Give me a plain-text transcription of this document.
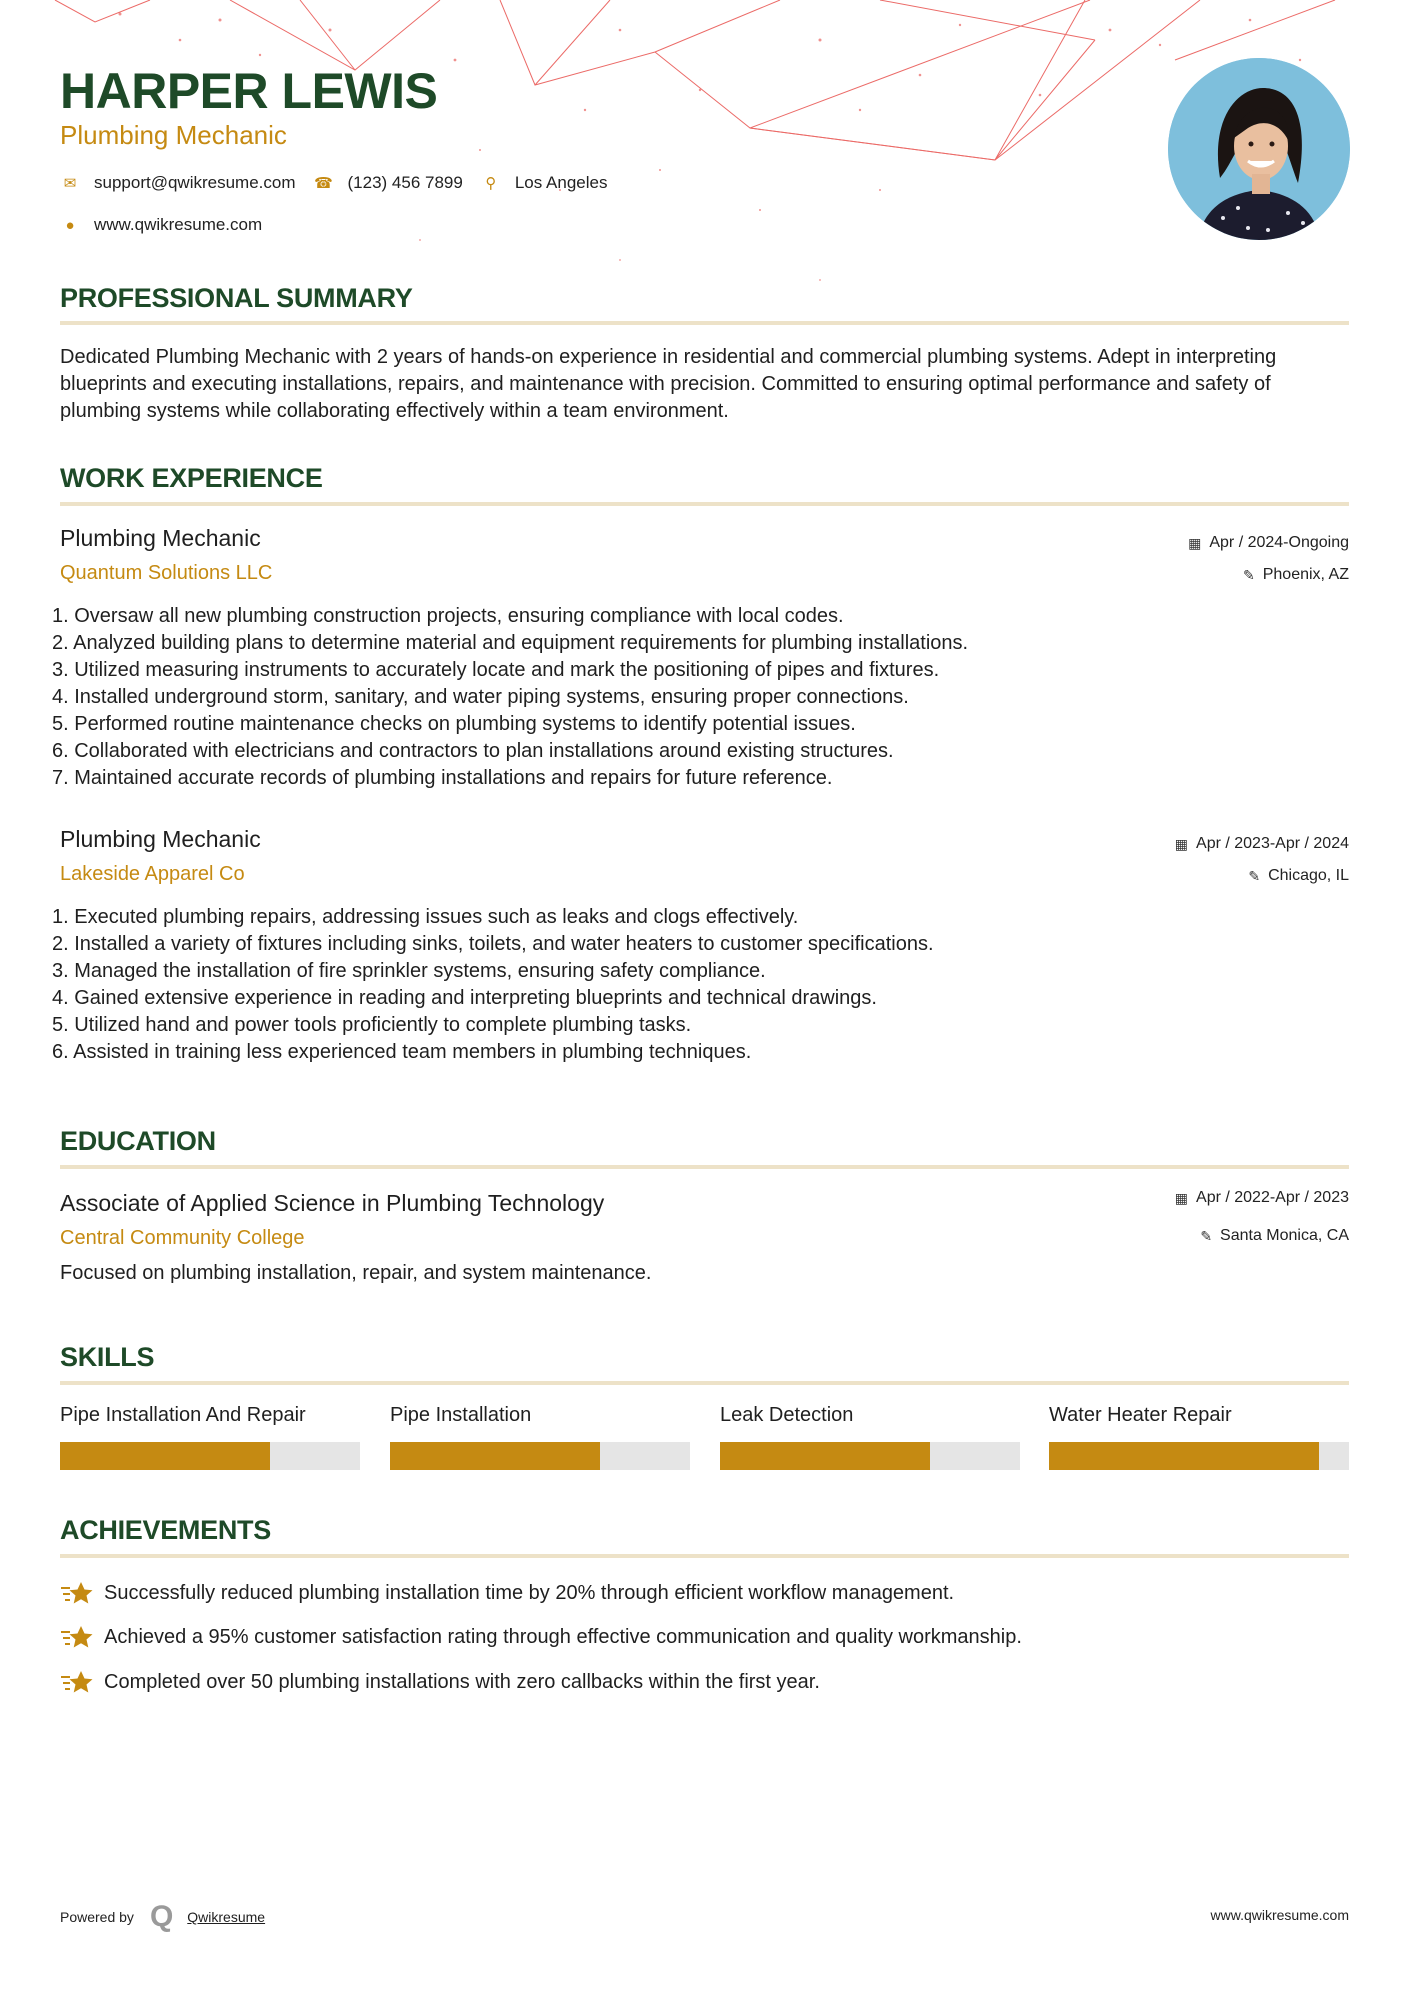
HARPER LEWIS
Plumbing Mechanic
✉ support@qwikresume.com ☎ (123) 456 7899	⚲ Los Angeles
●	www.qwikresume.com
PROFESSIONAL SUMMARY
Dedicated Plumbing Mechanic with 2 years of hands-on experience in residential and commercial plumbing systems. Adept in interpreting blueprints and executing installations, repairs, and maintenance with precision. Committed to ensuring optimal performance and safety of plumbing systems while collaborating effectively within a team environment.
WORK EXPERIENCE
Plumbing Mechanic
Quantum Solutions LLC
▦ Apr / 2024-Ongoing
✎ Phoenix, AZ
1. Oversaw all new plumbing construction projects, ensuring compliance with local codes.
2. Analyzed building plans to determine material and equipment requirements for plumbing installations.
3. Utilized measuring instruments to accurately locate and mark the positioning of pipes and fixtures.
4. Installed underground storm, sanitary, and water piping systems, ensuring proper connections.
5. Performed routine maintenance checks on plumbing systems to identify potential issues.
6. Collaborated with electricians and contractors to plan installations around existing structures.
7. Maintained accurate records of plumbing installations and repairs for future reference.
Plumbing Mechanic
Lakeside Apparel Co
▦ Apr / 2023-Apr / 2024
✎ Chicago, IL
1. Executed plumbing repairs, addressing issues such as leaks and clogs effectively.
2. Installed a variety of fixtures including sinks, toilets, and water heaters to customer specifications.
3. Managed the installation of fire sprinkler systems, ensuring safety compliance.
4. Gained extensive experience in reading and interpreting blueprints and technical drawings.
5. Utilized hand and power tools proficiently to complete plumbing tasks.
6. Assisted in training less experienced team members in plumbing techniques.
EDUCATION
Associate of Applied Science in Plumbing Technology
Central Community College
▦ Apr / 2022-Apr / 2023
✎ Santa Monica, CA
Focused on plumbing installation, repair, and system maintenance.
SKILLS
Pipe Installation And Repair	Pipe Installation	Leak Detection	Water Heater Repair
ACHIEVEMENTS
Successfully reduced plumbing installation time by 20% through efficient workflow management.
Achieved a 95% customer satisfaction rating through effective communication and quality workmanship.
Completed over 50 plumbing installations with zero callbacks within the first year.
Powered by Q Qwikresume	www.qwikresume.com
